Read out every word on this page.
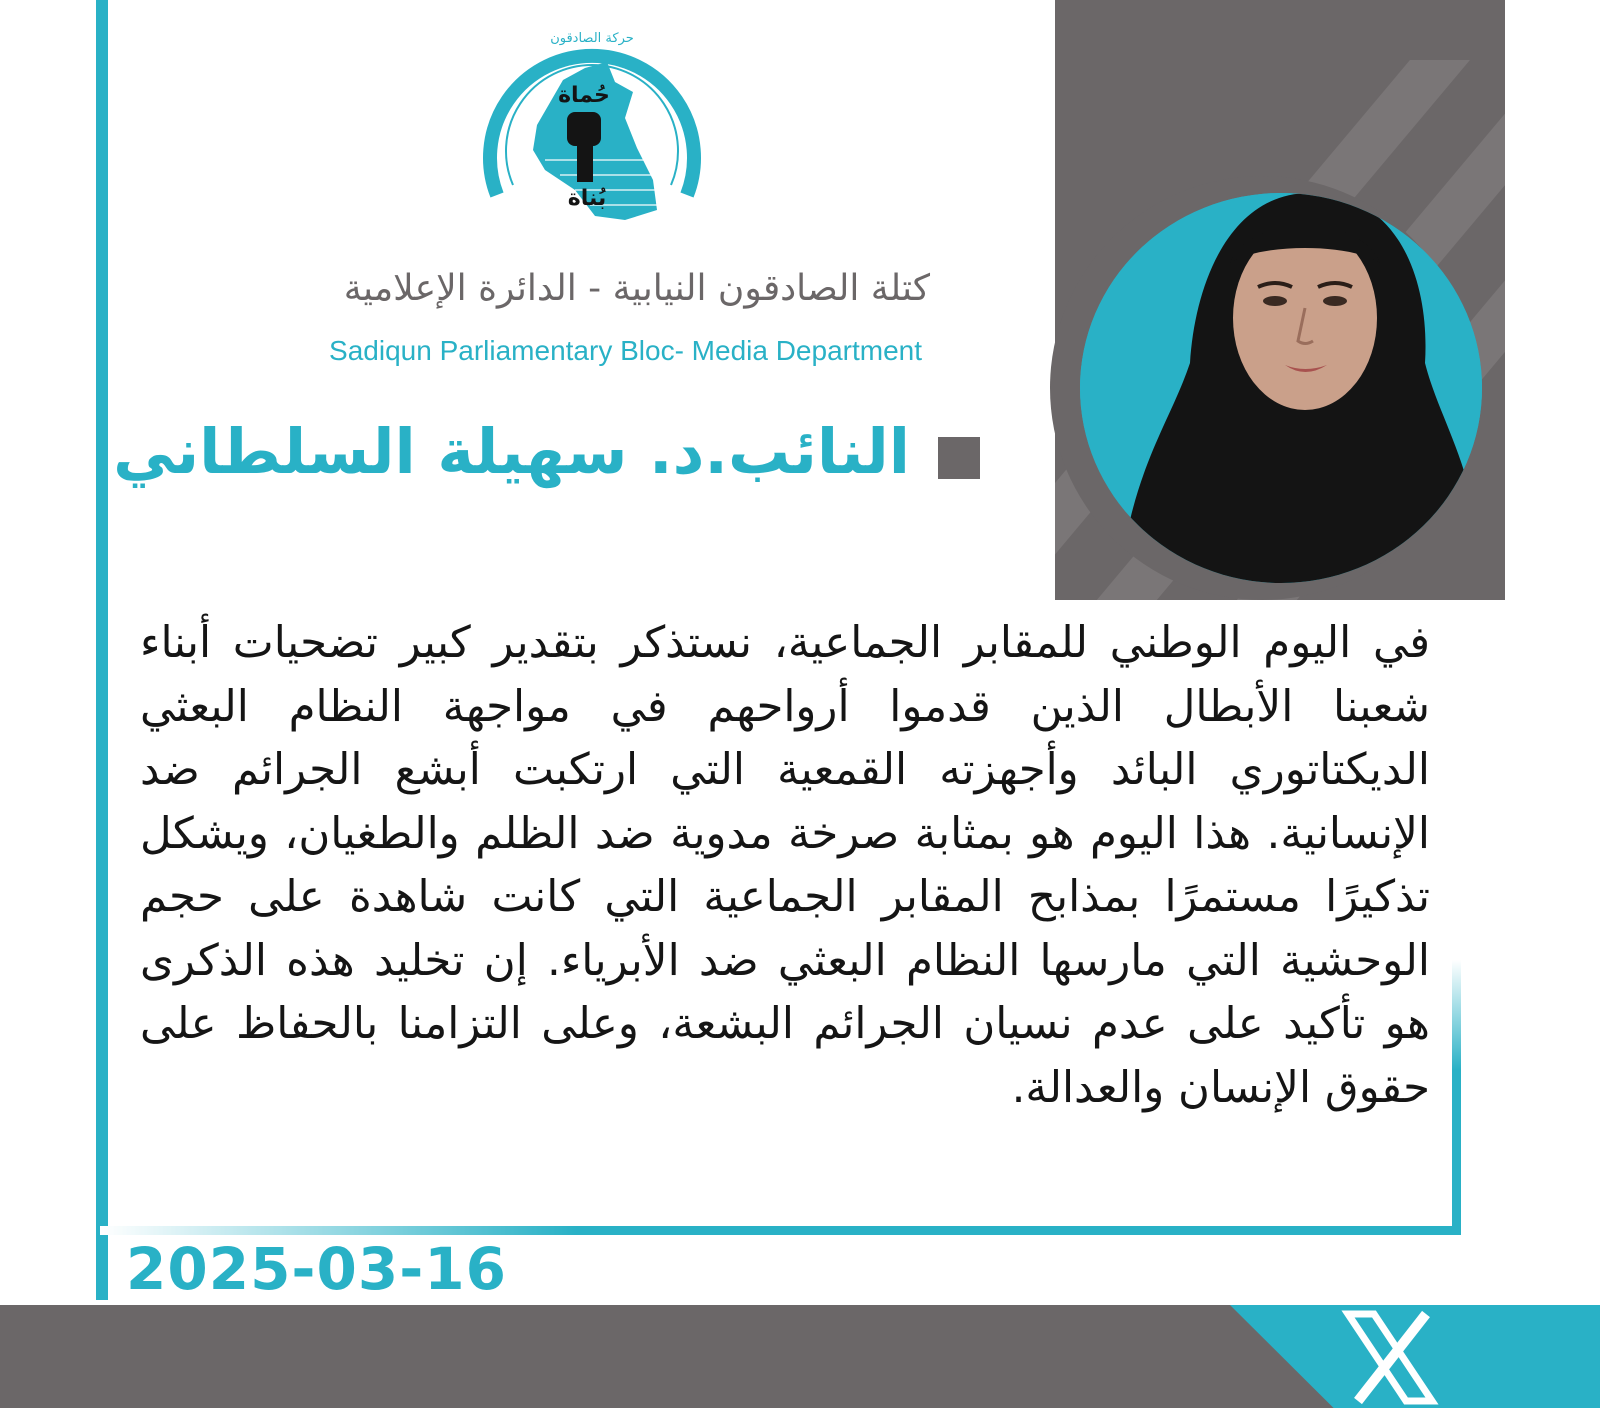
حُماة
بُناة
حركة الصادقون
كتلة الصادقون النيابية - الدائرة الإعلامية
Sadiqun Parliamentary Bloc- Media Department
النائب.د. سهيلة السلطاني
في اليوم الوطني للمقابر الجماعية، نستذكر بتقدير كبير تضحيات أبناء شعبنا الأبطال الذين قدموا أرواحهم في مواجهة النظام البعثي الديكتاتوري البائد وأجهزته القمعية التي ارتكبت أبشع الجرائم ضد الإنسانية. هذا اليوم هو بمثابة صرخة مدوية ضد الظلم والطغيان، ويشكل تذكيرًا مستمرًا بمذابح المقابر الجماعية التي كانت شاهدة على حجم الوحشية التي مارسها النظام البعثي ضد الأبرياء. إن تخليد هذه الذكرى هو تأكيد على عدم نسيان الجرائم البشعة، وعلى التزامنا بالحفاظ على حقوق الإنسان والعدالة.
2025-03-16
